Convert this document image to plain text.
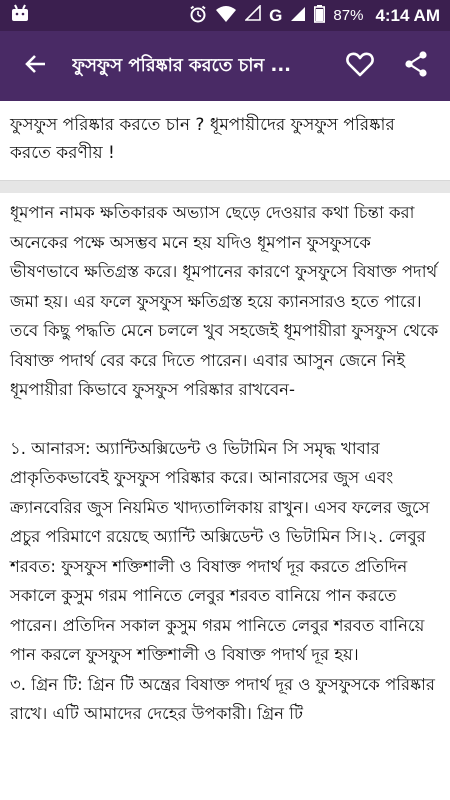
G	87% 4:14 AM
ফুসফুস পরিষ্কার করতে চান ...
ফুসফুস পরিষ্কার করতে চান ? ধূমপায়ীদের ফুসফুস পরিষ্কার করতে করণীয় !

ধূমপান নামক ক্ষতিকারক অভ্যাস ছেড়ে দেওয়ার কথা চিন্তা করা অনেকের পক্ষে অসম্ভব মনে হয় যদিও ধূমপান ফুসফুসকে ভীষণভাবে ক্ষতিগ্রস্ত করে। ধূমপানের কারণে ফুসফুসে বিষাক্ত পদার্থ জমা হয়। এর ফলে ফুসফুস ক্ষতিগ্রস্ত হয়ে ক্যানসারও হতে পারে। তবে কিছু পদ্ধতি মেনে চললে খুব সহজেই ধূমপায়ীরা ফুসফুস থেকে বিষাক্ত পদার্থ বের করে দিতে পারেন। এবার আসুন জেনে নিই ধূমপায়ীরা কিভাবে ফুসফুস পরিষ্কার রাখবেন-

১. আনারস: অ্যান্টিঅক্সিডেন্ট ও ভিটামিন সি সমৃদ্ধ খাবার প্রাকৃতিকভাবেই ফুসফুস পরিষ্কার করে। আনারসের জুস এবং ক্র্যানবেরির জুস নিয়মিত খাদ্যতালিকায় রাখুন। এসব ফলের জুসে প্রচুর পরিমাণে রয়েছে অ্যান্টি অক্সিডেন্ট ও ভিটামিন সি।২. লেবুর শরবত: ফুসফুস শক্তিশালী ও বিষাক্ত পদার্থ দূর করতে প্রতিদিন সকালে কুসুম গরম পানিতে লেবুর শরবত বানিয়ে পান করতে পারেন। প্রতিদিন সকাল কুসুম গরম পানিতে লেবুর শরবত বানিয়ে পান করলে ফুসফুস শক্তিশালী ও বিষাক্ত পদার্থ দূর হয়।

৩. গ্রিন টি: গ্রিন টি অন্ত্রের বিষাক্ত পদার্থ দূর ও ফুসফুসকে পরিষ্কার রাখে। এটি আমাদের দেহের উপকারী। গ্রিন টি
